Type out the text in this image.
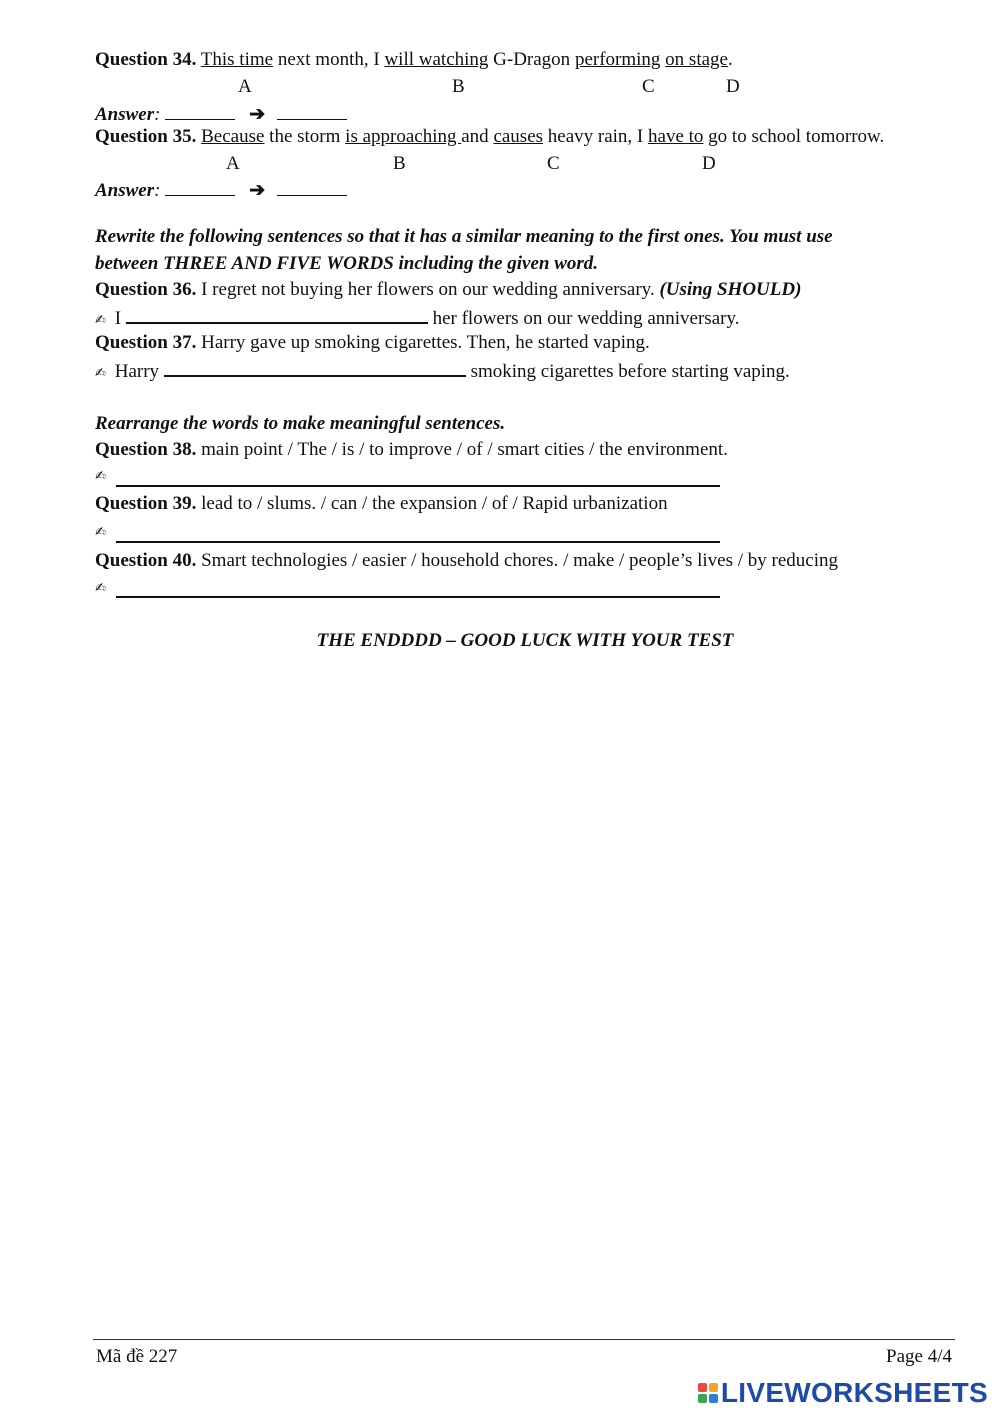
Question 34. This time next month, I will watching G-Dragon performing on stage.
A	B	C	D
Answer:	➔
Question 35. Because the storm is approaching and causes heavy rain, I have to go to school tomorrow.
A	B	C	D
Answer:	➔
Rewrite the following sentences so that it has a similar meaning to the first ones. You must use
between THREE AND FIVE WORDS including the given word.
Question 36. I regret not buying her flowers on our wedding anniversary. (Using SHOULD)
✍ I	her flowers on our wedding anniversary.
Question 37. Harry gave up smoking cigarettes. Then, he started vaping.
✍ Harry	smoking cigarettes before starting vaping.
Rearrange the words to make meaningful sentences.
Question 38. main point / The / is / to improve / of / smart cities / the environment.
✍
Question 39. lead to / slums. / can / the expansion / of / Rapid urbanization
✍
Question 40. Smart technologies / easier / household chores. / make / people’s lives / by reducing
✍
THE ENDDDD – GOOD LUCK WITH YOUR TEST
Mã đề 227	Page 4/4
LIVEWORKSHEETS
